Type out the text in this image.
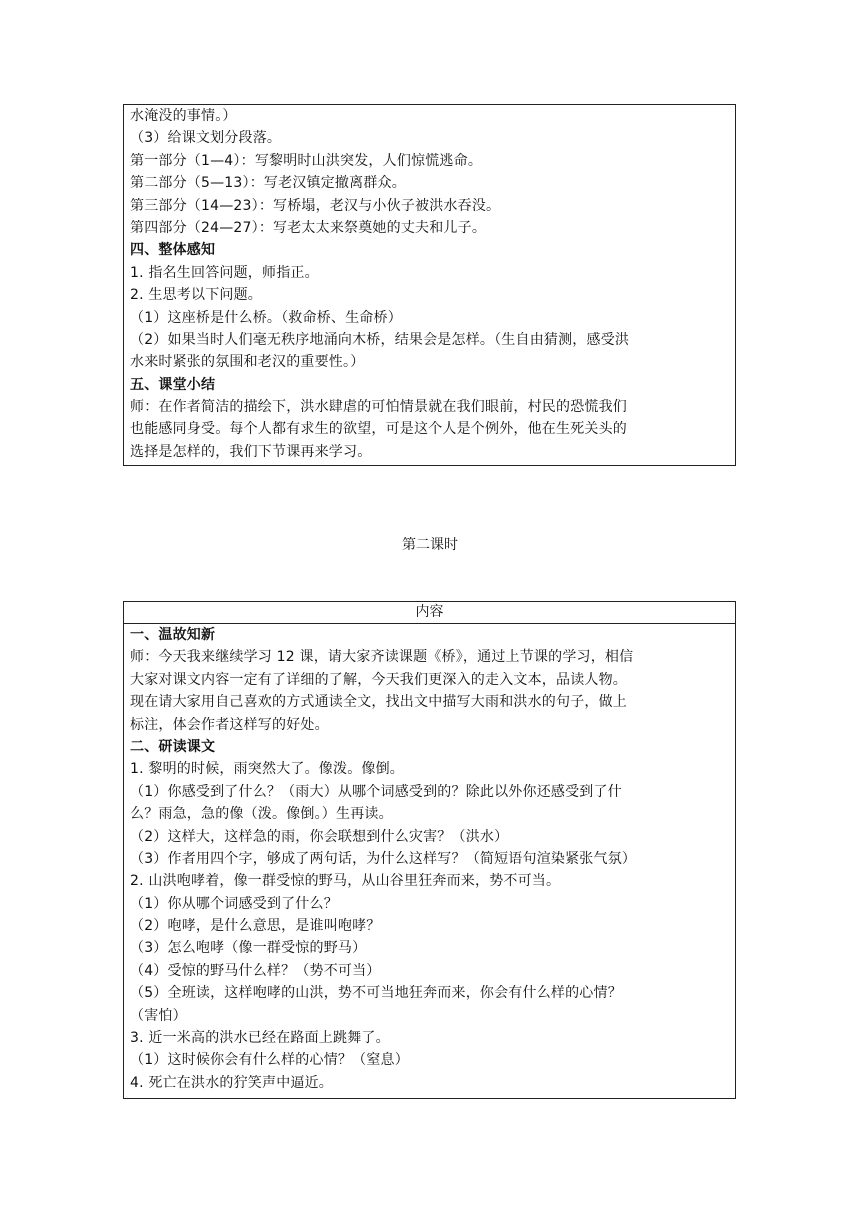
水淹没的事情。）
（3）给课文划分段落。
第一部分（1—4）：写黎明时山洪突发，人们惊慌逃命。
第二部分（5—13）：写老汉镇定撤离群众。
第三部分（14—23）：写桥塌，老汉与小伙子被洪水吞没。
第四部分（24—27）：写老太太来祭奠她的丈夫和儿子。
四、整体感知
1. 指名生回答问题，师指正。
2. 生思考以下问题。
（1）这座桥是什么桥。（救命桥、生命桥）
（2）如果当时人们毫无秩序地涌向木桥，结果会是怎样。（生自由猜测，感受洪
水来时紧张的氛围和老汉的重要性。）
五、课堂小结
师：在作者简洁的描绘下，洪水肆虐的可怕情景就在我们眼前，村民的恐慌我们
也能感同身受。每个人都有求生的欲望，可是这个人是个例外，他在生死关头的
选择是怎样的，我们下节课再来学习。
第二课时
内容
一、温故知新
师：今天我来继续学习 12 课，请大家齐读课题《桥》，通过上节课的学习，相信
大家对课文内容一定有了详细的了解，今天我们更深入的走入文本，品读人物。
现在请大家用自己喜欢的方式通读全文，找出文中描写大雨和洪水的句子，做上
标注，体会作者这样写的好处。
二、研读课文
1. 黎明的时候，雨突然大了。像泼。像倒。
（1）你感受到了什么？（雨大）从哪个词感受到的？除此以外你还感受到了什
么？雨急，急的像（泼。像倒。）生再读。
（2）这样大，这样急的雨，你会联想到什么灾害？（洪水）
（3）作者用四个字，够成了两句话，为什么这样写？（简短语句渲染紧张气氛）
2. 山洪咆哮着，像一群受惊的野马，从山谷里狂奔而来，势不可当。
（1）你从哪个词感受到了什么？
（2）咆哮，是什么意思，是谁叫咆哮？
（3）怎么咆哮（像一群受惊的野马）
（4）受惊的野马什么样？（势不可当）
（5）全班读，这样咆哮的山洪，势不可当地狂奔而来，你会有什么样的心情？
（害怕）
3. 近一米高的洪水已经在路面上跳舞了。
（1）这时候你会有什么样的心情？（窒息）
4. 死亡在洪水的狞笑声中逼近。
